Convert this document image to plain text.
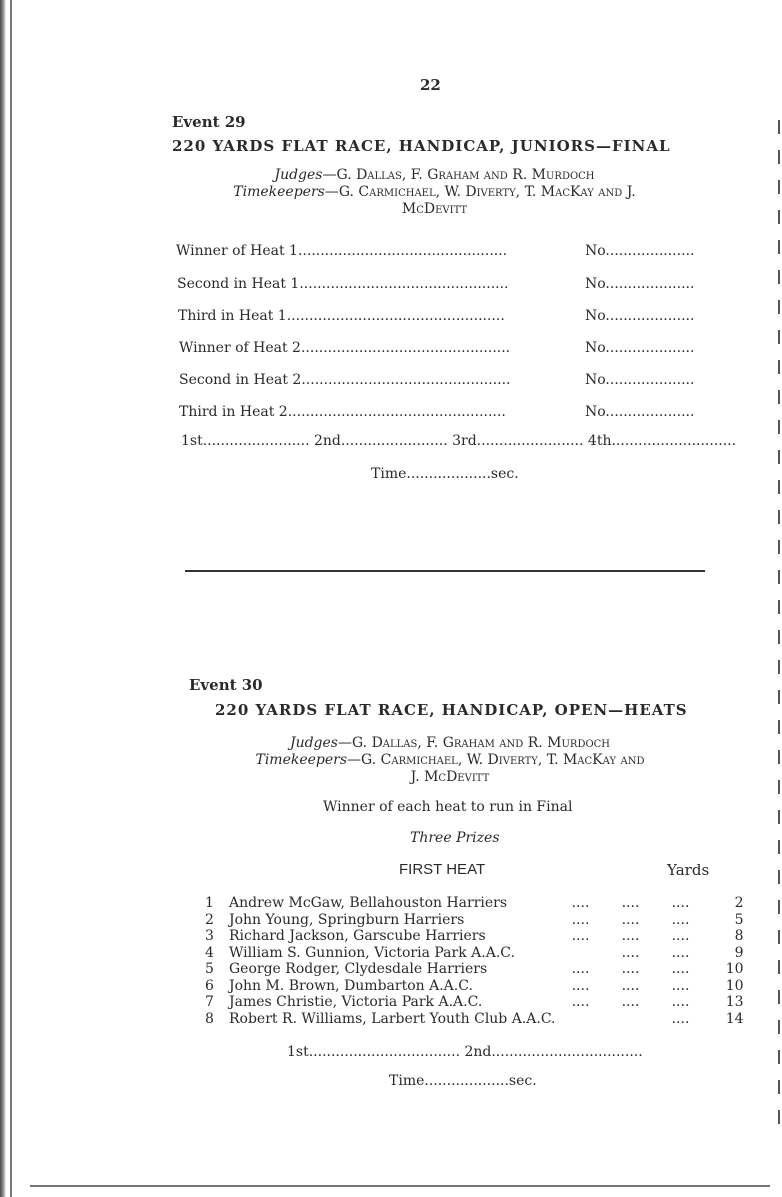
22
Event 29
220 YARDS FLAT RACE, HANDICAP, JUNIORS—FINAL
Judges—G. Dallas, F. Graham and R. Murdoch
Timekeepers—G. Carmichael, W. Diverty, T. MacKay and J.
McDevitt
Winner of Heat 1...............................................	No....................
Second in Heat 1...............................................	No....................
Third in Heat 1.................................................	No....................
Winner of Heat 2...............................................	No....................
Second in Heat 2...............................................	No....................
Third in Heat 2.................................................	No....................
1st........................ 2nd........................ 3rd........................ 4th............................
Time...................sec.
Event 30
220 YARDS FLAT RACE, HANDICAP, OPEN—HEATS
Judges—G. Dallas, F. Graham and R. Murdoch
Timekeepers—G. Carmichael, W. Diverty, T. MacKay and
J. McDevitt
Winner of each heat to run in Final
Three Prizes
FIRST HEAT	Yards
1	Andrew McGaw, Bellahouston Harriers	....	....	....	2
2	John Young, Springburn Harriers	....	....	....	5
3	Richard Jackson, Garscube Harriers	....	....	....	8
4	William S. Gunnion, Victoria Park A.A.C.		....	....	9
5	George Rodger, Clydesdale Harriers	....	....	....	10
6	John M. Brown, Dumbarton A.A.C.	....	....	....	10
7	James Christie, Victoria Park A.A.C.	....	....	....	13
8	Robert R. Williams, Larbert Youth Club A.A.C.			....	14
1st.................................. 2nd..................................
Time...................sec.
